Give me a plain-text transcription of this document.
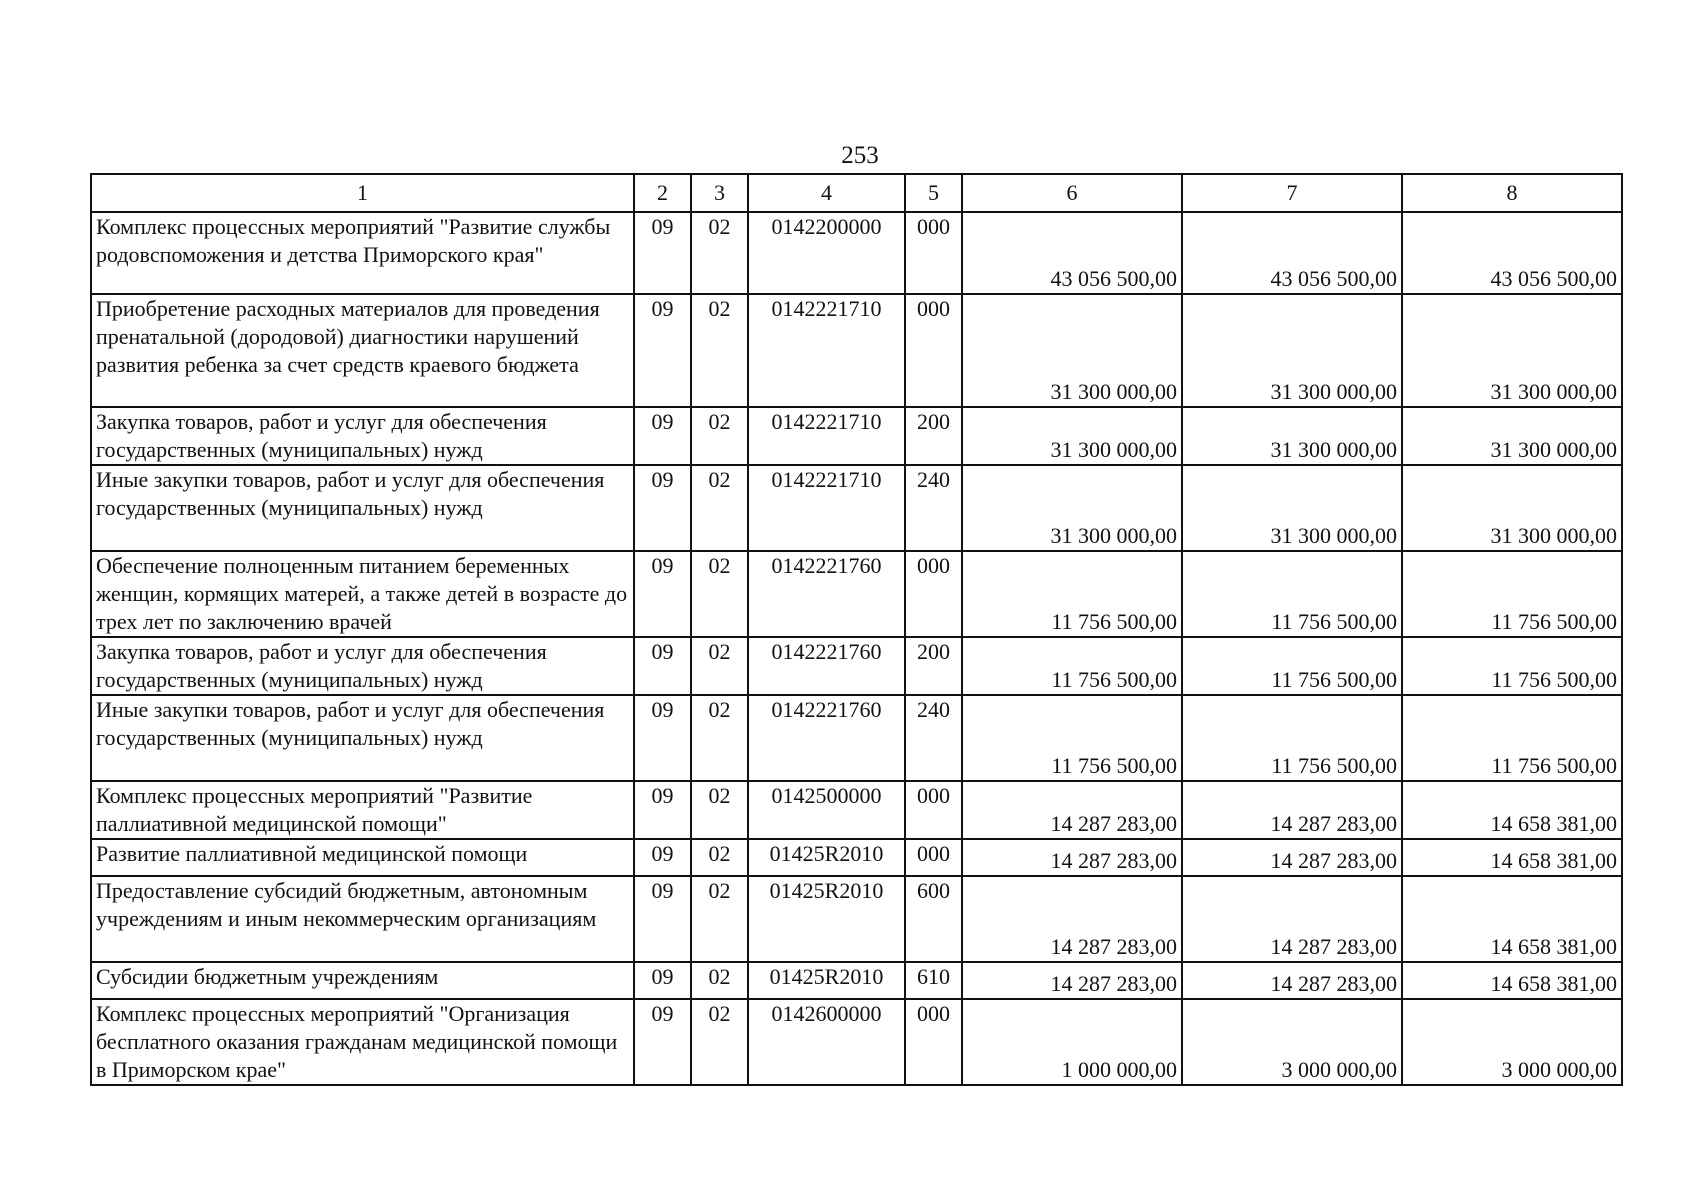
253
1	2	3	4	5	6	7	8
Комплекс процессных мероприятий "Развитие службы родовспоможения и детства Приморского края"	09	02	0142200000	000	43 056 500,00	43 056 500,00	43 056 500,00
Приобретение расходных материалов для проведения пренатальной (дородовой) диагностики нарушений развития ребенка за счет средств краевого бюджета	09	02	0142221710	000	31 300 000,00	31 300 000,00	31 300 000,00
Закупка товаров, работ и услуг для обеспечения государственных (муниципальных) нужд	09	02	0142221710	200	31 300 000,00	31 300 000,00	31 300 000,00
Иные закупки товаров, работ и услуг для обеспечения государственных (муниципальных) нужд	09	02	0142221710	240	31 300 000,00	31 300 000,00	31 300 000,00
Обеспечение полноценным питанием беременных женщин, кормящих матерей, а также детей в возрасте до трех лет по заключению врачей	09	02	0142221760	000	11 756 500,00	11 756 500,00	11 756 500,00
Закупка товаров, работ и услуг для обеспечения государственных (муниципальных) нужд	09	02	0142221760	200	11 756 500,00	11 756 500,00	11 756 500,00
Иные закупки товаров, работ и услуг для обеспечения государственных (муниципальных) нужд	09	02	0142221760	240	11 756 500,00	11 756 500,00	11 756 500,00
Комплекс процессных мероприятий "Развитие паллиативной медицинской помощи"	09	02	0142500000	000	14 287 283,00	14 287 283,00	14 658 381,00
Развитие паллиативной медицинской помощи	09	02	01425R2010	000	14 287 283,00	14 287 283,00	14 658 381,00
Предоставление субсидий бюджетным, автономным учреждениям и иным некоммерческим организациям	09	02	01425R2010	600	14 287 283,00	14 287 283,00	14 658 381,00
Субсидии бюджетным учреждениям	09	02	01425R2010	610	14 287 283,00	14 287 283,00	14 658 381,00
Комплекс процессных мероприятий "Организация бесплатного оказания гражданам медицинской помощи в Приморском крае"	09	02	0142600000	000	1 000 000,00	3 000 000,00	3 000 000,00
